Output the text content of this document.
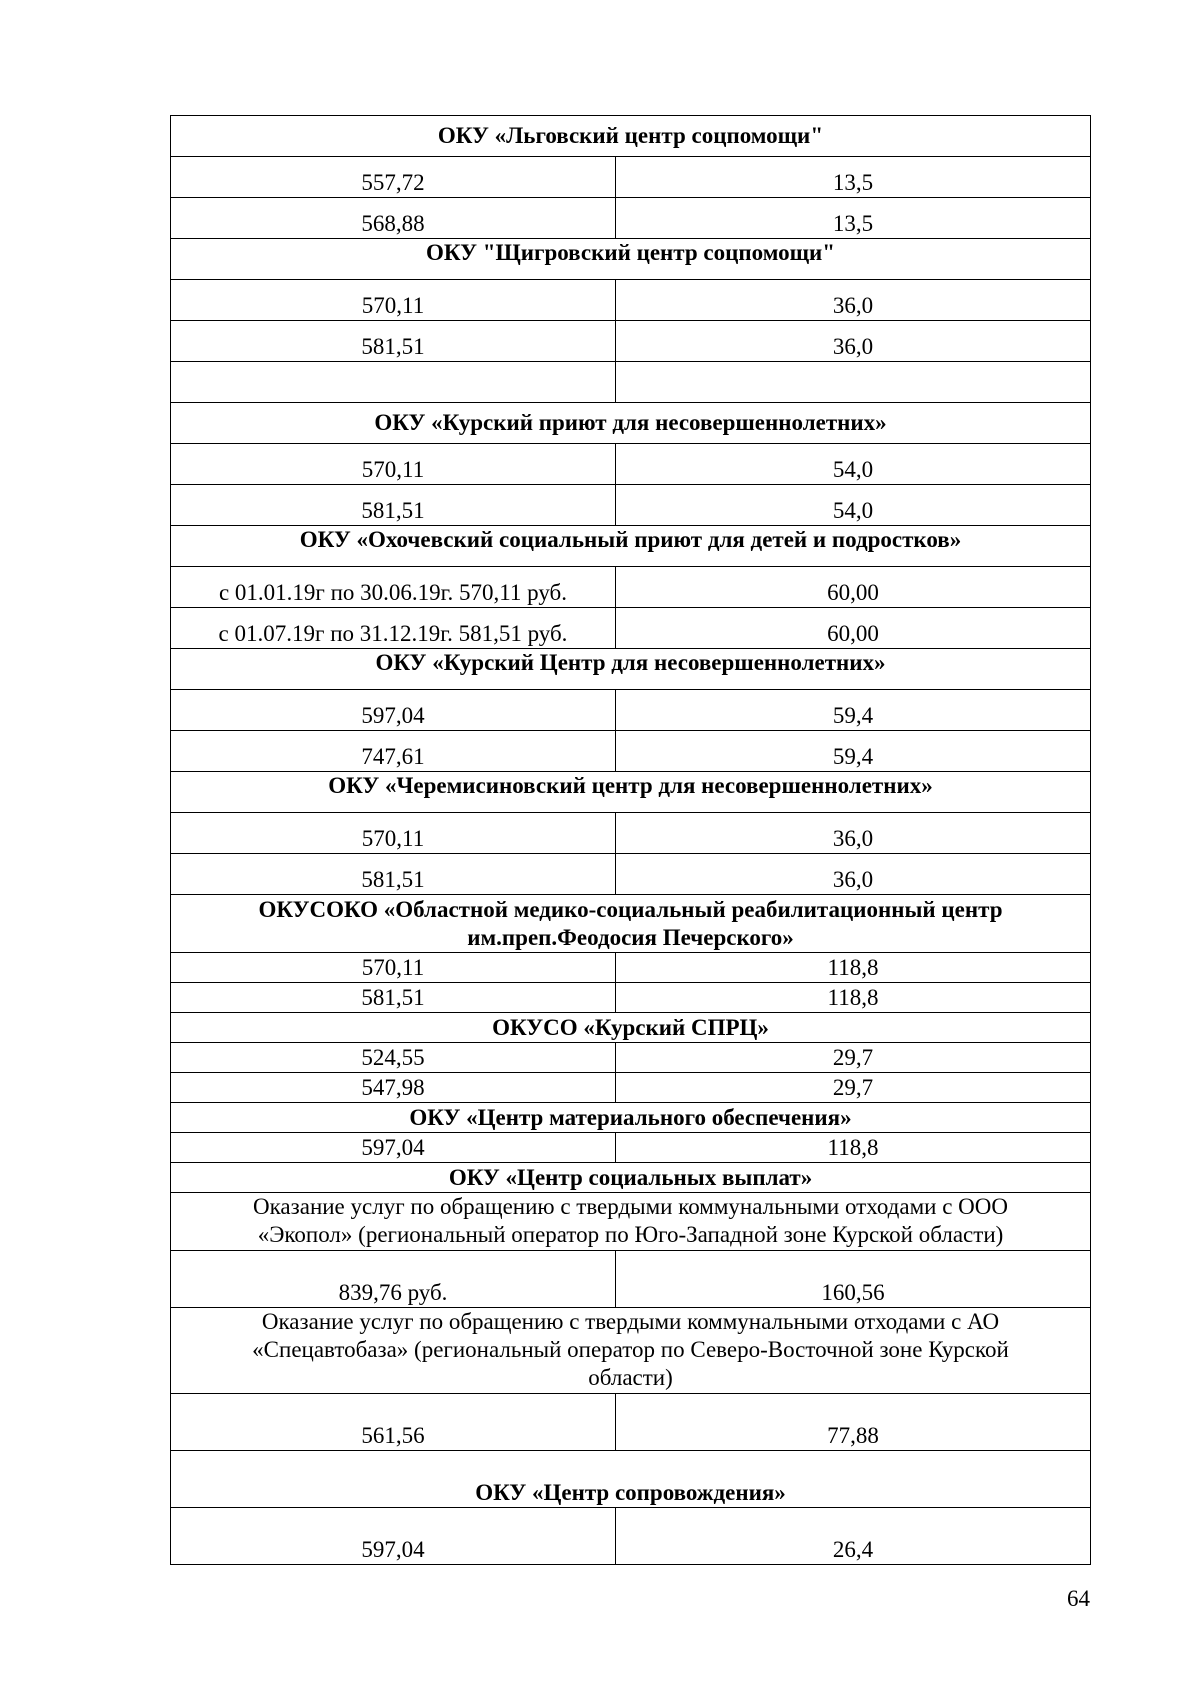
ОКУ «Льговский центр соцпомощи"	
557,72	13,5
568,88	13,5
ОКУ "Щигровский центр соцпомощи"	
570,11	36,0
581,51	36,0

ОКУ «Курский приют для несовершеннолетних»	
570,11	54,0
581,51	54,0
ОКУ «Охочевский социальный приют для детей и подростков»	
с 01.01.19г по 30.06.19г. 570,11 руб.	60,00
с 01.07.19г по 31.12.19г. 581,51 руб.	60,00
ОКУ «Курский Центр для несовершеннолетних»	
597,04	59,4
747,61	59,4
ОКУ «Черемисиновский центр для несовершеннолетних»	
570,11	36,0
581,51	36,0

ОКУСОКО «Областной медико-социальный реабилитационный центр
им.преп.Феодосия Печерского»	

570,11	118,8
581,51	118,8
ОКУСО «Курский СПРЦ»	
524,55	29,7
547,98	29,7
ОКУ «Центр материального обеспечения»	
597,04	118,8
ОКУ «Центр социальных выплат»	

Оказание услуг по обращению с твердыми коммунальными отходами с ООО
«Экопол» (региональный оператор по Юго-Западной зоне Курской области)	

839,76 руб.	160,56

Оказание услуг по обращению с твердыми коммунальными отходами с АО
«Спецавтобаза» (региональный оператор по Северо-Восточной зоне Курской
области)	

561,56	77,88
ОКУ «Центр сопровождения»	
597,04	26,4
64
